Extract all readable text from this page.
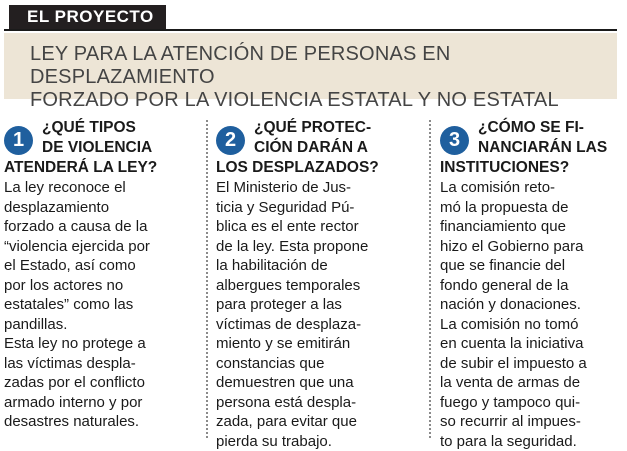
EL PROYECTO
LEY PARA LA ATENCIÓN DE PERSONAS EN DESPLAZAMIENTO
FORZADO POR LA VIOLENCIA ESTATAL Y NO ESTATAL
1
¿QUÉ TIPOS
DE VIOLENCIA
ATENDERÁ LA LEY?

La ley reconoce el
desplazamiento
forzado a causa de la
“violencia ejercida por
el Estado, así como
por los actores no
estatales” como las
pandillas.
Esta ley no protege a
las víctimas despla-
zadas por el conflicto
armado interno y por
desastres naturales.

2
¿QUÉ PROTEC-
CIÓN DARÁN A
LOS DESPLAZADOS?

El Ministerio de Jus-
ticia y Seguridad Pú-
blica es el ente rector
de la ley. Esta propone
la habilitación de
albergues temporales
para proteger a las
víctimas de desplaza-
miento y se emitirán
constancias que
demuestren que una
persona está despla-
zada, para evitar que
pierda su trabajo.

3
¿CÓMO SE FI-
NANCIARÁN LAS
INSTITUCIONES?

La comisión reto-
mó la propuesta de
financiamiento que
hizo el Gobierno para
que se financie del
fondo general de la
nación y donaciones.
La comisión no tomó
en cuenta la iniciativa
de subir el impuesto a
la venta de armas de
fuego y tampoco qui-
so recurrir al impues-
to para la seguridad.
